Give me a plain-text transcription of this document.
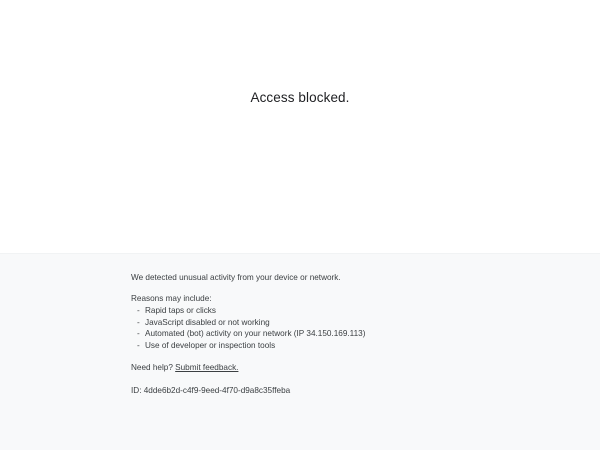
Access blocked.

We detected unusual activity from your device or network.

Reasons may include:

- Rapid taps or clicks
- JavaScript disabled or not working
- Automated (bot) activity on your network (IP 34.150.169.113)
- Use of developer or inspection tools

Need help? Submit feedback.

ID: 4dde6b2d-c4f9-9eed-4f70-d9a8c35ffeba
